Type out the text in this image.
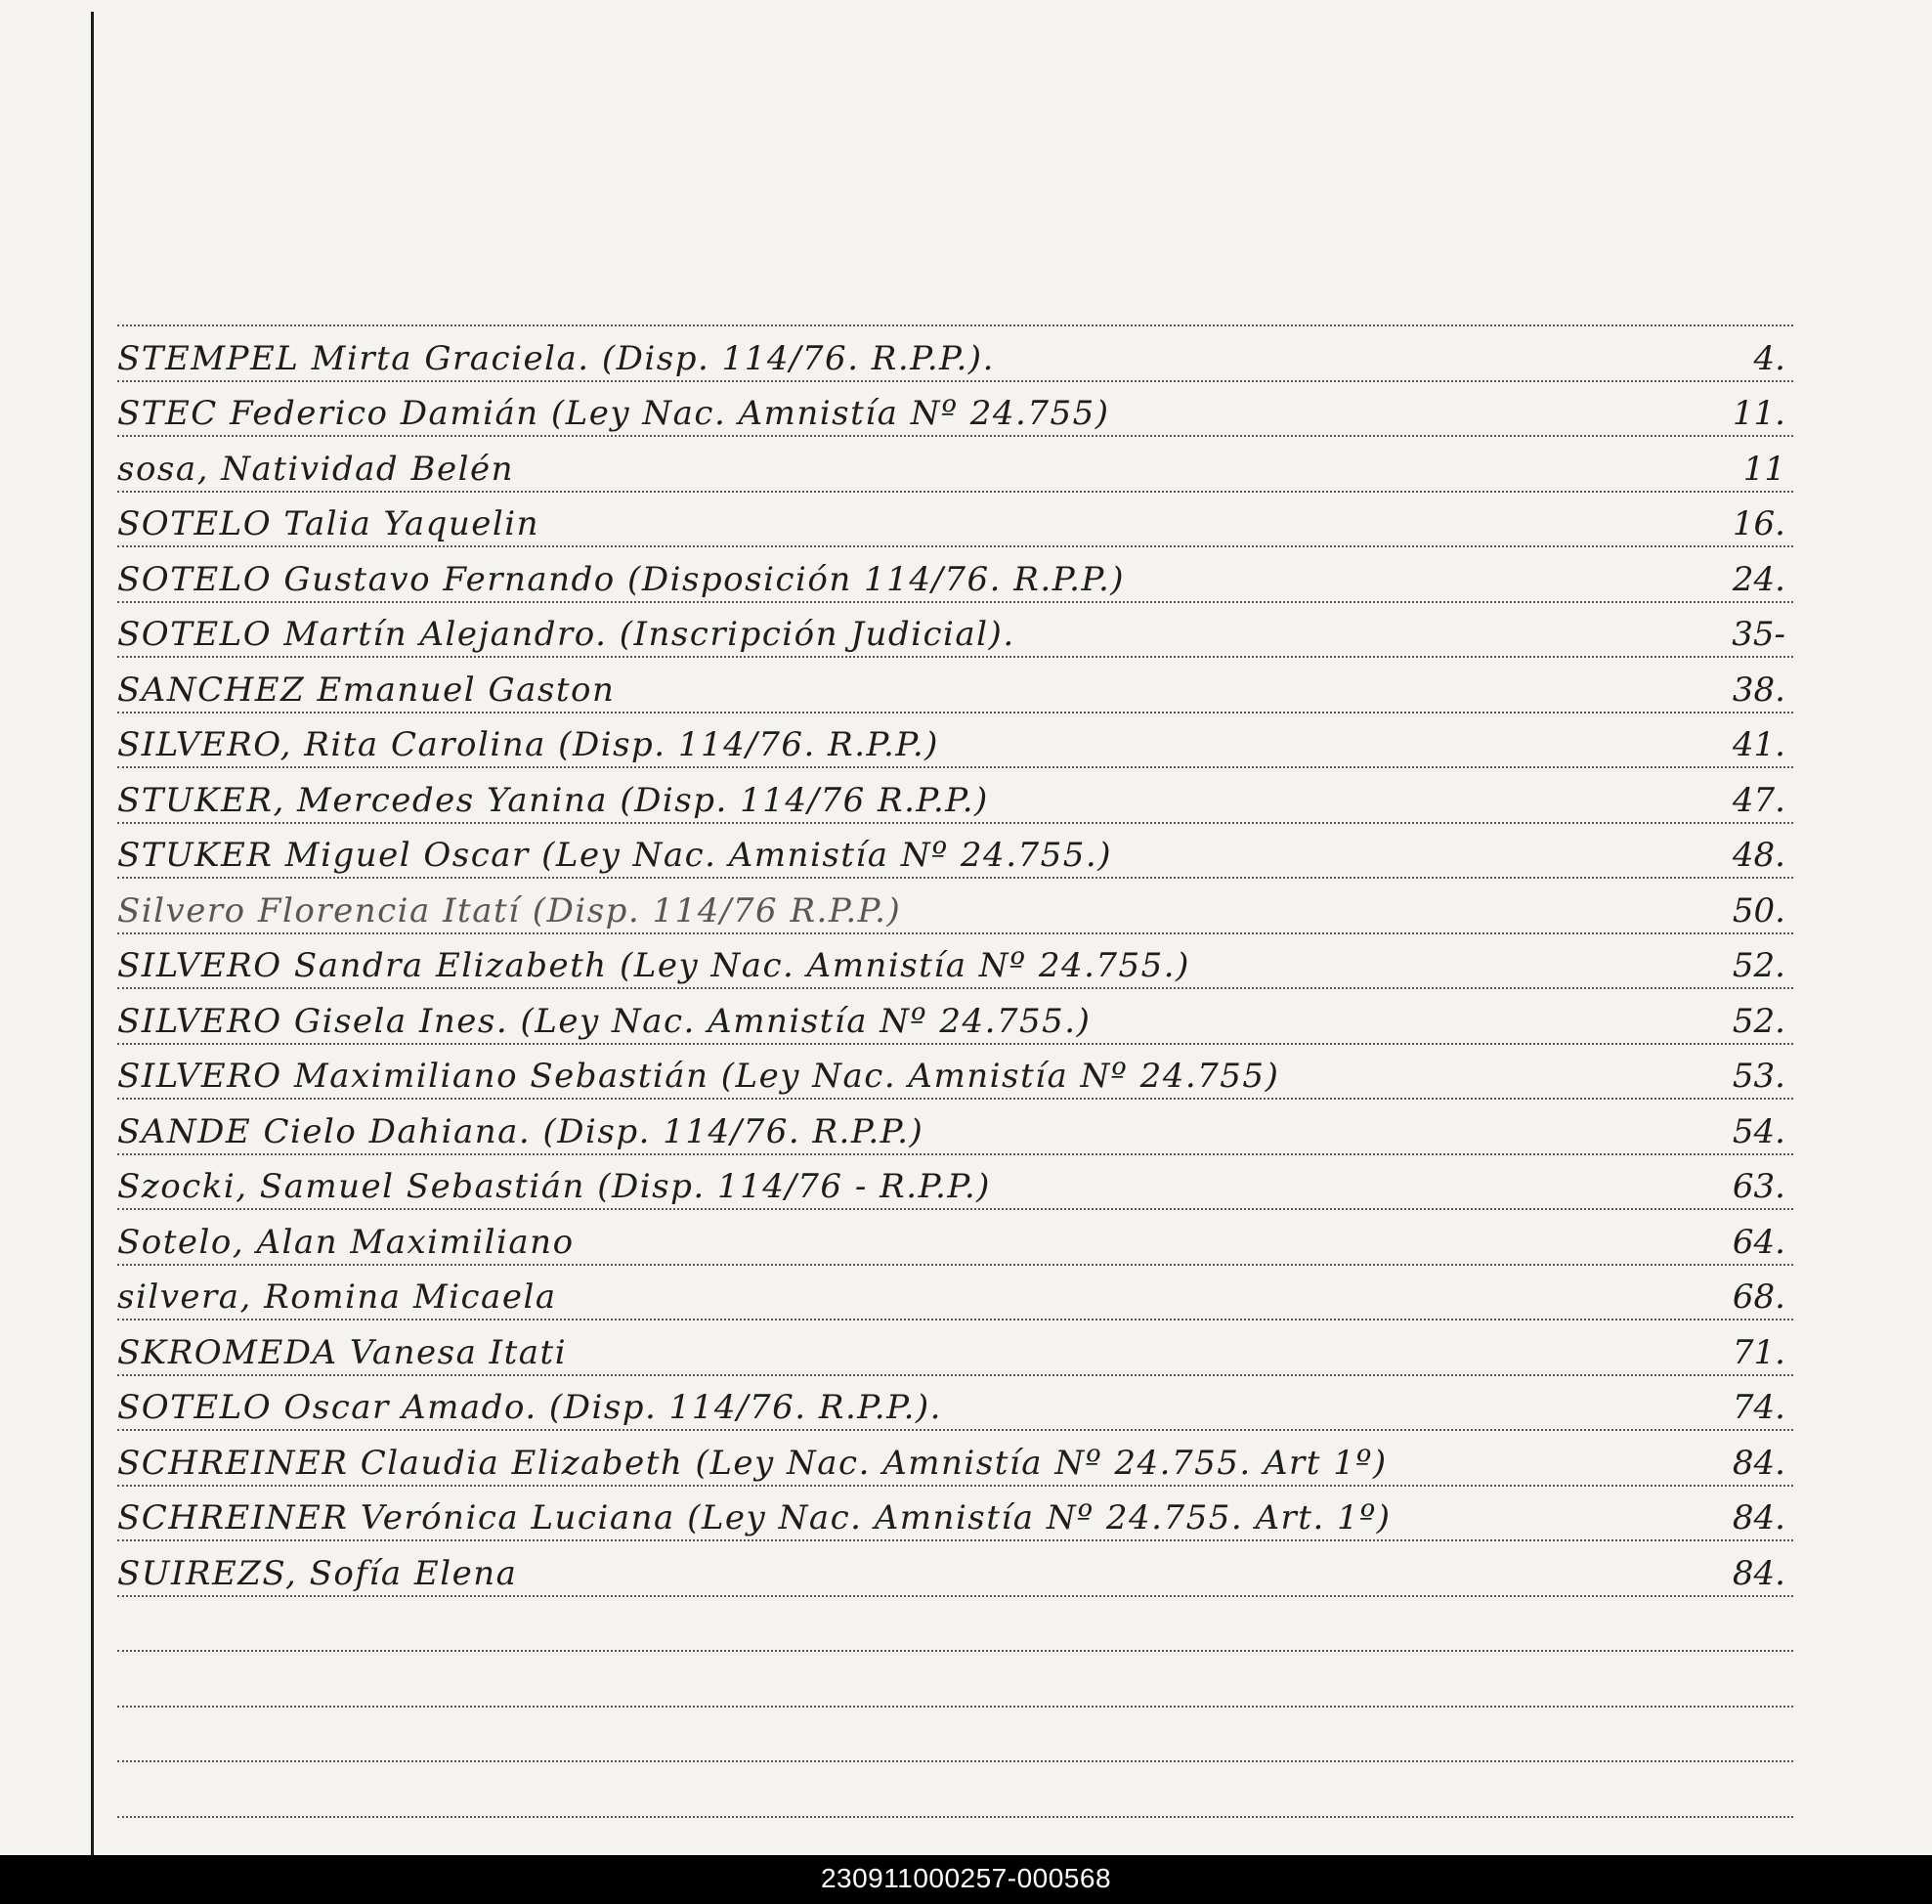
STEMPEL Mirta Graciela. (Disp. 114/76. R.P.P.).	4.
STEC Federico Damián (Ley Nac. Amnistía Nº 24.755)	11.
sosa, Natividad Belén	11
SOTELO Talia Yaquelin	16.
SOTELO Gustavo Fernando (Disposición 114/76. R.P.P.)	24.
SOTELO Martín Alejandro. (Inscripción Judicial).	35-
SANCHEZ Emanuel Gaston	38.
SILVERO, Rita Carolina (Disp. 114/76. R.P.P.)	41.
STUKER, Mercedes Yanina (Disp. 114/76 R.P.P.)	47.
STUKER Miguel Oscar (Ley Nac. Amnistía Nº 24.755.)	48.
Silvero Florencia Itatí (Disp. 114/76 R.P.P.)	50.
SILVERO Sandra Elizabeth (Ley Nac. Amnistía Nº 24.755.)	52.
SILVERO Gisela Ines. (Ley Nac. Amnistía Nº 24.755.)	52.
SILVERO Maximiliano Sebastián (Ley Nac. Amnistía Nº 24.755)	53.
SANDE Cielo Dahiana. (Disp. 114/76. R.P.P.)	54.
Szocki, Samuel Sebastián (Disp. 114/76 - R.P.P.)	63.
Sotelo, Alan Maximiliano	64.
silvera, Romina Micaela	68.
SKROMEDA Vanesa Itati	71.
SOTELO Oscar Amado. (Disp. 114/76. R.P.P.).	74.
SCHREINER Claudia Elizabeth (Ley Nac. Amnistía Nº 24.755. Art 1º)	84.
SCHREINER Verónica Luciana (Ley Nac. Amnistía Nº 24.755. Art. 1º)	84.
SUIREZS, Sofía Elena	84.
230911000257-000568
